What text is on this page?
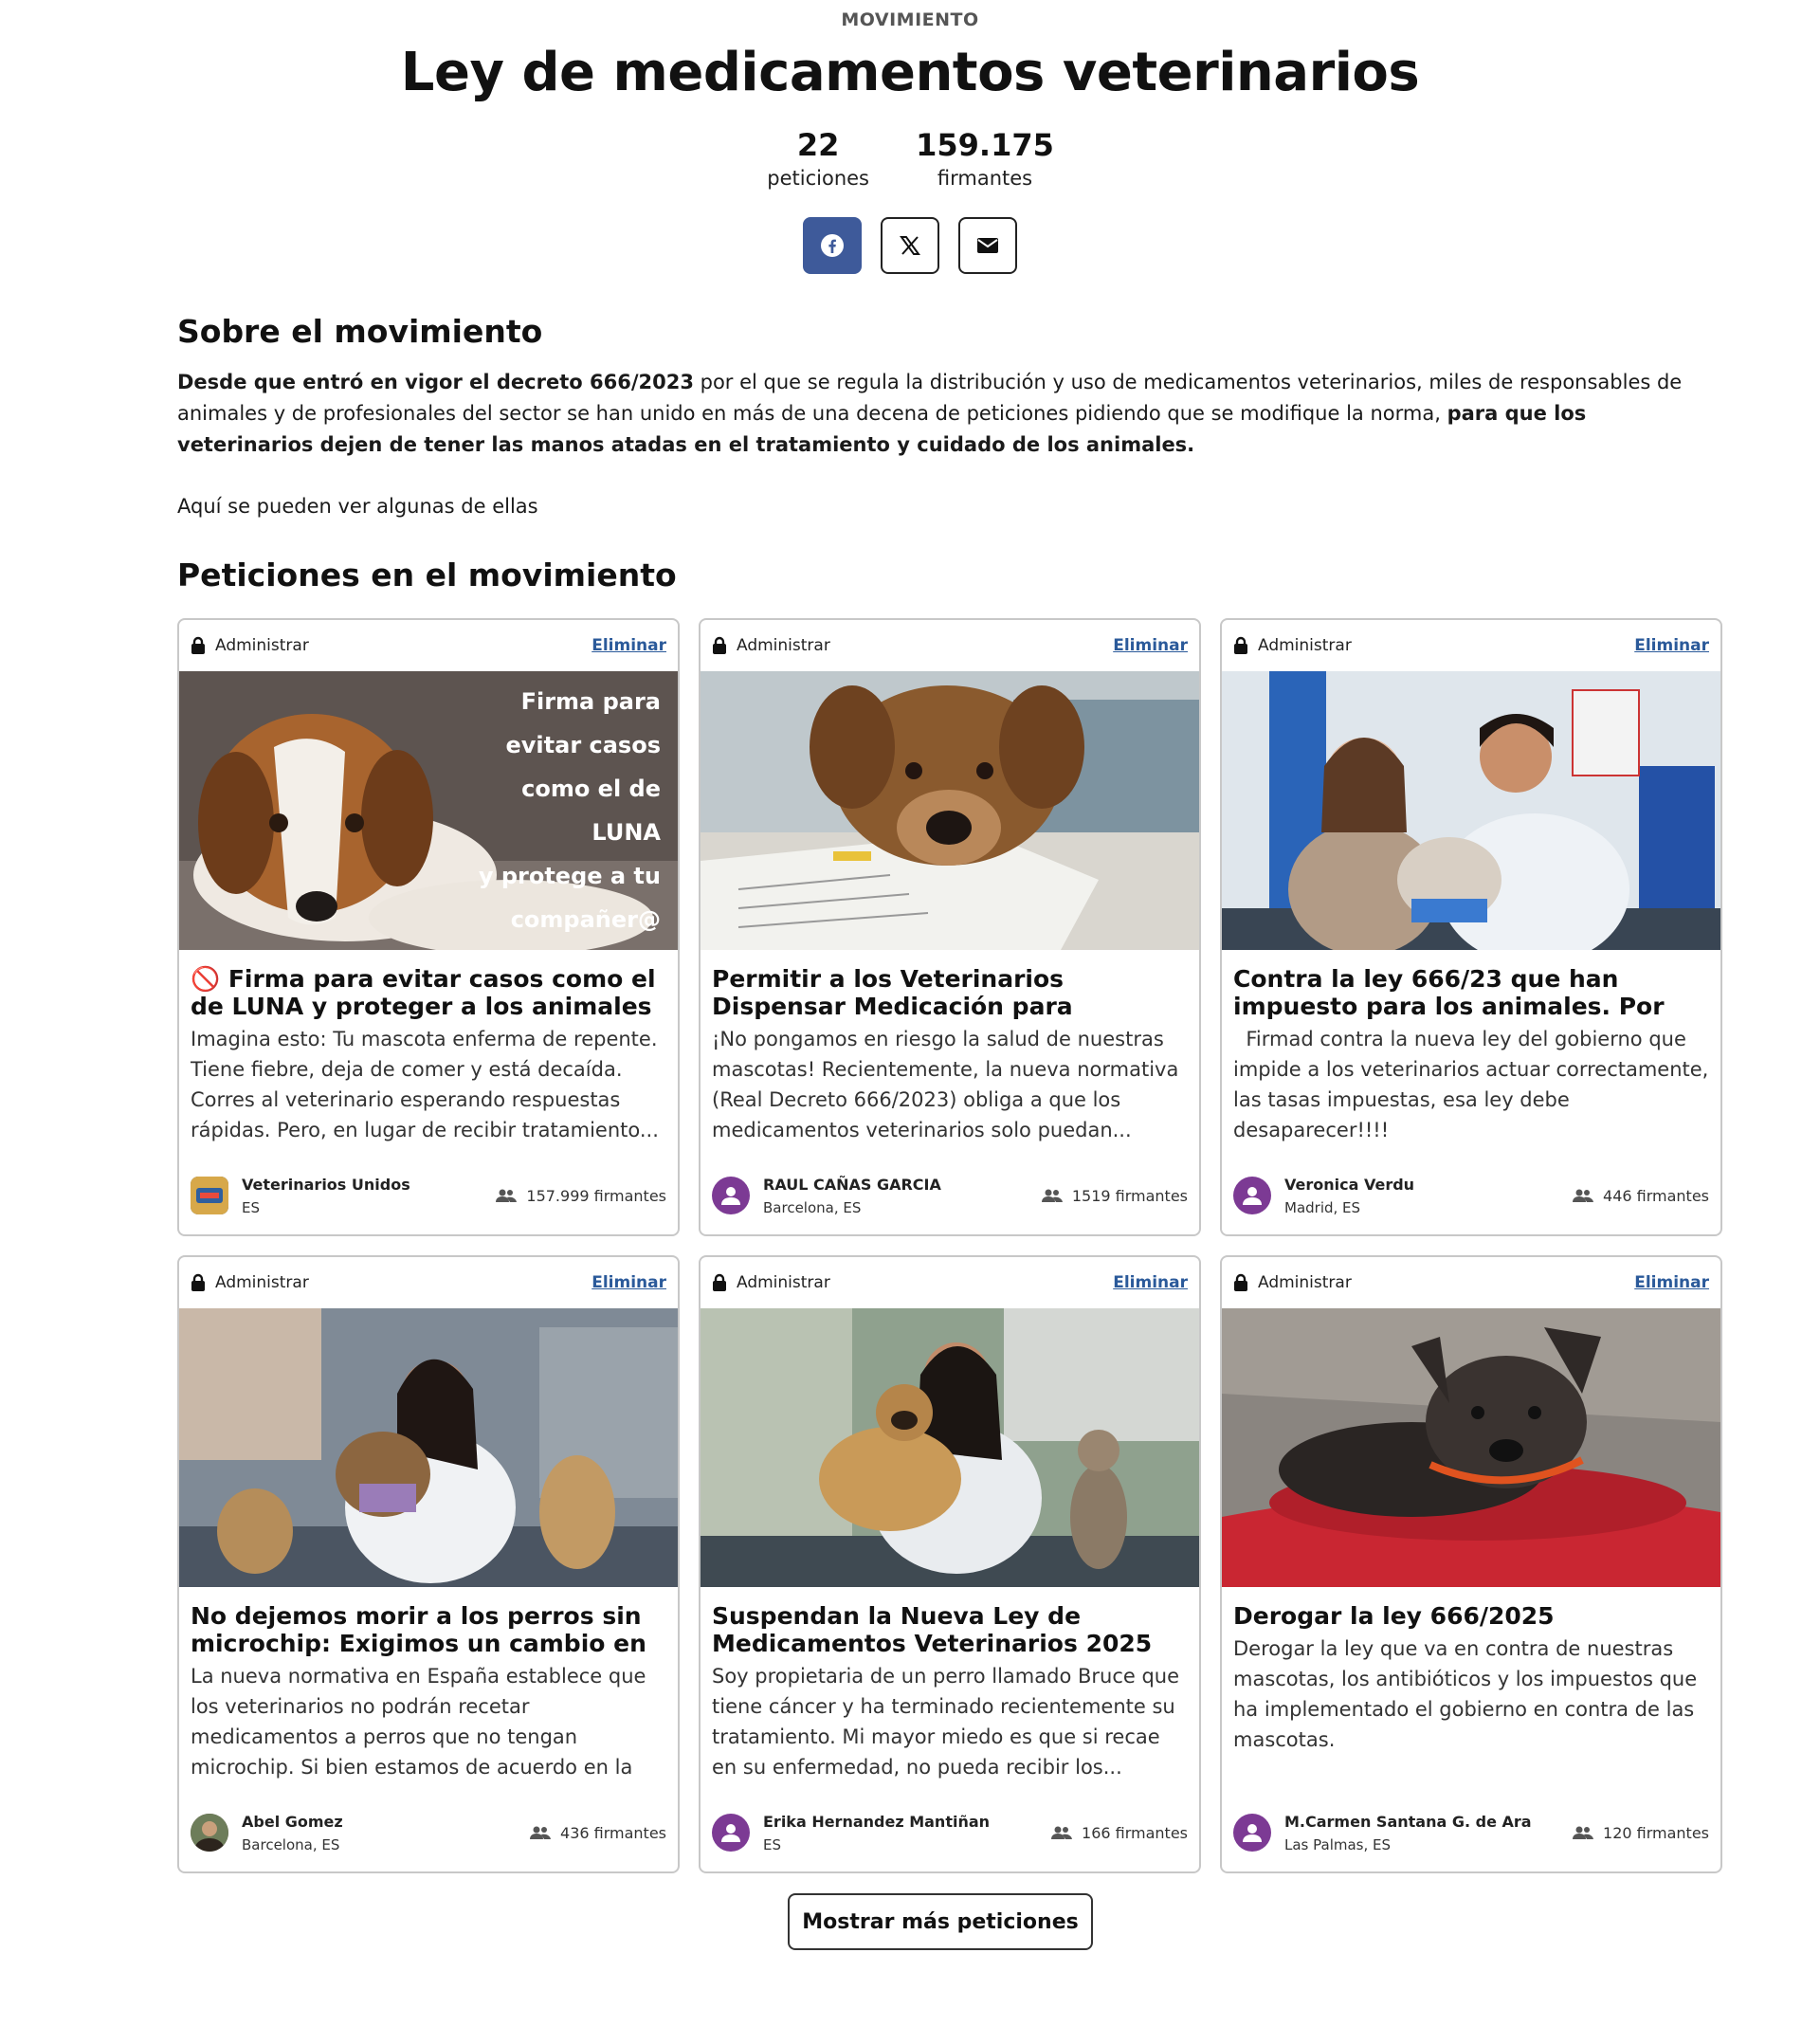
MOVIMIENTO
Ley de medicamentos veterinarios
22
peticiones
159.175
firmantes
Sobre el movimiento

Desde que entró en vigor el decreto 666/2023 por el que se regula la distribución y uso de medicamentos veterinarios, miles de responsables de animales y de profesionales del sector se han unido en más de una decena de peticiones pidiendo que se modifique la norma, para que los veterinarios dejen de tener las manos atadas en el tratamiento y cuidado de los animales.

Aquí se pueden ver algunas de ellas

Peticiones en el movimiento
Administrar	Eliminar
Firma para
evitar casos
como el de
LUNA
y protege a tu
compañer@
🚫 Firma para evitar casos como el de LUNA y proteger a los animales
Imagina esto: Tu mascota enferma de repente. Tiene fiebre, deja de comer y está decaída. Corres al veterinario esperando respuestas rápidas. Pero, en lugar de recibir tratamiento...
Veterinarios Unidos
ES
157.999 firmantes
Administrar	Eliminar
Permitir a los Veterinarios Dispensar Medicación para
¡No pongamos en riesgo la salud de nuestras mascotas! Recientemente, la nueva normativa (Real Decreto 666/2023) obliga a que los medicamentos veterinarios solo puedan...
RAUL CAÑAS GARCIA
Barcelona, ES
1519 firmantes
Administrar	Eliminar
Contra la ley 666/23 que han impuesto para los animales. Por
Firmad contra la nueva ley del gobierno que impide a los veterinarios actuar correctamente, las tasas impuestas, esa ley debe desaparecer!!!!
Veronica Verdu
Madrid, ES
446 firmantes
Administrar	Eliminar
No dejemos morir a los perros sin microchip: Exigimos un cambio en
La nueva normativa en España establece que los veterinarios no podrán recetar medicamentos a perros que no tengan microchip. Si bien estamos de acuerdo en la
Abel Gomez
Barcelona, ES
436 firmantes
Administrar	Eliminar
Suspendan la Nueva Ley de Medicamentos Veterinarios 2025
Soy propietaria de un perro llamado Bruce que tiene cáncer y ha terminado recientemente su tratamiento. Mi mayor miedo es que si recae en su enfermedad, no pueda recibir los...
Erika Hernandez Mantiñan
ES
166 firmantes
Administrar	Eliminar
Derogar la ley 666/2025
Derogar la ley que va en contra de nuestras mascotas, los antibióticos y los impuestos que ha implementado el gobierno en contra de las mascotas.
M.Carmen Santana G. de Ara
Las Palmas, ES
120 firmantes
Mostrar más peticiones
